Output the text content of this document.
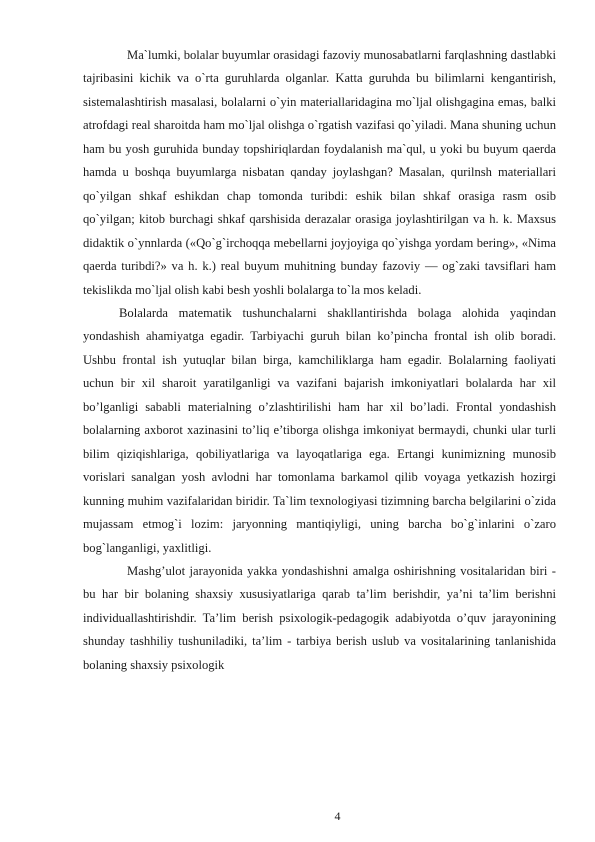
Ma`lumki, bolalar buyumlar orasidagi fazoviy munosabatlarni farqlashning dastlabki tajribasini kichik va o`rta guruhlarda olganlar. Katta guruhda bu bilimlarni kengantirish, sistemalashtirish masalasi, bolalarni o`yin materiallaridagina mo`ljal olishgagina emas, balki atrofdagi real sharoitda ham mo`ljal olishga o`rgatish vazifasi qo`yiladi. Mana shuning uchun ham bu yosh guruhida bunday topshiriqlardan foydalanish ma`qul, u yoki bu buyum qaerda hamda u boshqa buyumlarga nisbatan qanday joylashgan? Masalan, qurilnsh materiallari qo`yilgan shkaf eshikdan chap tomonda turibdi: eshik bilan shkaf orasiga rasm osib qo`yilgan; kitob burchagi shkaf qarshisida derazalar orasiga joylashtirilgan va h. k. Maxsus didaktik o`ynnlarda («Qo`g`irchoqqa mebellarni joyjoyiga qo`yishga yordam bering», «Nima qaerda turibdi?» va h. k.) real buyum muhitning bunday fazoviy — og`zaki tavsiflari ham tekislikda mo`ljal olish kabi besh yoshli bolalarga to`la mos keladi.

Bolalarda matematik tushunchalarni shakllantirishda bolaga alohida yaqindan yondashish ahamiyatga egadir. Tarbiyachi guruh bilan ko’pincha frontal ish olib boradi. Ushbu frontal ish yutuqlar bilan birga, kamchiliklarga ham egadir. Bolalarning faoliyati uchun bir xil sharoit yaratilganligi va vazifani bajarish imkoniyatlari bolalarda har xil bo’lganligi sababli materialning o’zlashtirilishi ham har xil bo’ladi. Frontal yondashish bolalarning axborot xazinasini to’liq e’tiborga olishga imkoniyat bermaydi, chunki ular turli bilim qiziqishlariga, qobiliyatlariga va layoqatlariga ega. Ertangi kunimizning munosib vorislari sanalgan yosh avlodni har tomonlama barkamol qilib voyaga yetkazish hozirgi kunning muhim vazifalaridan biridir. Ta`lim texnologiyasi tizimning barcha belgilarini o`zida mujassam etmog`i lozim: jaryonning mantiqiyligi, uning barcha bo`g`inlarini o`zaro bog`langanligi, yaxlitligi.

Mashg’ulot jarayonida yakka yondashishni amalga oshirishning vositalaridan biri - bu har bir bolaning shaxsiy xususiyatlariga qarab ta’lim berishdir, ya’ni ta’lim berishni individuallashtirishdir. Ta’lim berish psixologik-pedagogik adabiyotda o’quv jarayonining shunday tashhiliy tushuniladiki, ta’lim - tarbiya berish uslub va vositalarining tanlanishida bolaning shaxsiy psixologik

4
